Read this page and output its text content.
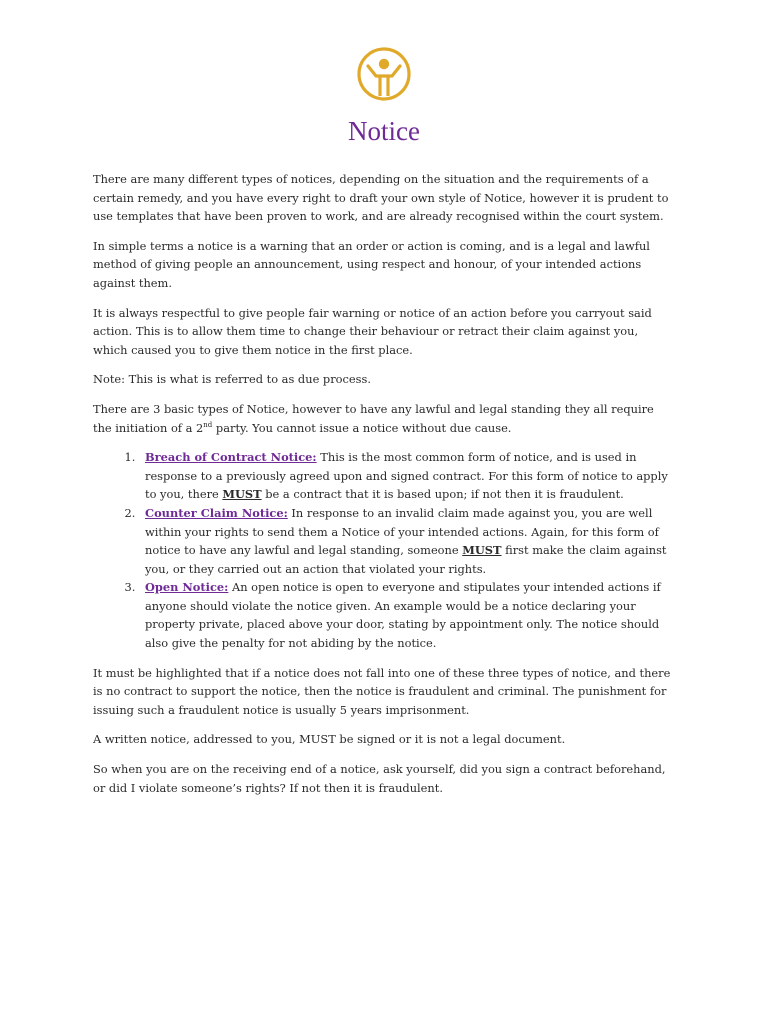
Notice

There are many different types of notices, depending on the situation and the requirements of a certain remedy, and you have every right to draft your own style of Notice, however it is prudent to use templates that have been proven to work, and are already recognised within the court system.

In simple terms a notice is a warning that an order or action is coming, and is a legal and lawful method of giving people an announcement, using respect and honour, of your intended actions against them.

It is always respectful to give people fair warning or notice of an action before you carryout said action. This is to allow them time to change their behaviour or retract their claim against you, which caused you to give them notice in the first place.

Note: This is what is referred to as due process.

There are 3 basic types of Notice, however to have any lawful and legal standing they all require the initiation of a 2nd party. You cannot issue a notice without due cause.

1. Breach of Contract Notice: This is the most common form of notice, and is used in response to a previously agreed upon and signed contract. For this form of notice to apply to you, there MUST be a contract that it is based upon; if not then it is fraudulent.
2. Counter Claim Notice: In response to an invalid claim made against you, you are well within your rights to send them a Notice of your intended actions. Again, for this form of notice to have any lawful and legal standing, someone MUST first make the claim against you, or they carried out an action that violated your rights.
3. Open Notice: An open notice is open to everyone and stipulates your intended actions if anyone should violate the notice given. An example would be a notice declaring your property private, placed above your door, stating by appointment only. The notice should also give the penalty for not abiding by the notice.

It must be highlighted that if a notice does not fall into one of these three types of notice, and there is no contract to support the notice, then the notice is fraudulent and criminal. The punishment for issuing such a fraudulent notice is usually 5 years imprisonment.

A written notice, addressed to you, MUST be signed or it is not a legal document.

So when you are on the receiving end of a notice, ask yourself, did you sign a contract beforehand, or did I violate someone’s rights? If not then it is fraudulent.
